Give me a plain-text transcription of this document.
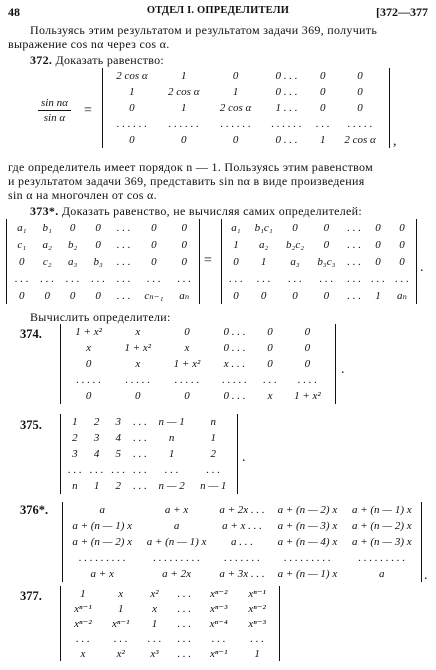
48	ОТДЕЛ I. ОПРЕДЕЛИТЕЛИ	[372—377
Пользуясь этим результатом и результатом задачи 369, получить
выражение cos nα через cos α.
372. Доказать равенство:
$\frac{\text{sin nα}}{\text{sin α}}$ =
2 cos α	1	0	0 . . .	0	0
1	2 cos α	1	0 . . .	0	0
0	1	2 cos α	1 . . .	0	0
. . . . . .	. . . . . .	. . . . . .	. . . . . .	. . .	. . . . .
0	0	0	0 . . .	1	2 cos α ,
где определитель имеет порядок n — 1. Пользуясь этим равенством
и результатом задачи 369, представить sin nα в виде произведения
sin α на многочлен от cos α.
373*. Доказать равенство, не вычисляя самих определителей:
a₁	b₁	0	0	. . .	0	0
c₁	a₂	b₂	0	. . .	0	0
0	c₂	a₃	b₃	. . .	0	0
. . .	. . .	. . .	. . .	. . .	. . .	. . .
0	0	0	0	. . .	cₙ₋₁	aₙ
=
a₁	b₁c₁	0	0	. . .	0	0
1	a₂	b₂c₂	0	. . .	0	0
0	1	a₃	b₃c₃	. . .	0	0
. . .	. . .	. . .	. . .	. . .	. . .	. . .
0	0	0	0	. . .	1	aₙ
.
Вычислить определители:
374.	1 + x²	x	0	0 . . .	0	0
x	1 + x²	x	0 . . .	0	0
0	x	1 + x²	x . . .	0	0
. . . . .	. . . . .	. . . . .	. . . . .	. . .	. . . .
0	0	0	0 . . .	x	1 + x²
.
375.	1	2	3	. . .	n — 1	n
2	3	4	. . .	n	1
3	4	5	. . .	1	2
. . .	. . .	. . .	. . .	. . .	. . .
n	1	2	. . .	n — 2	n — 1
.
376*.	a	a + x	a + 2x . . .	a + (n — 2) x	a + (n — 1) x
a + (n — 1) x	a	a + x . . .	a + (n — 3) x	a + (n — 2) x
a + (n — 2) x	a + (n — 1) x	a . . .	a + (n — 4) x	a + (n — 3) x
. . . . . . . . .	. . . . . . . . .	. . . . . . .	. . . . . . . . .	. . . . . . . . .
a + x	a + 2x	a + 3x . . .	a + (n — 1) x	a	.
377.	1	x	x²	. . .	xⁿ⁻²	xⁿ⁻¹
xⁿ⁻¹	1	x	. . .	xⁿ⁻³	xⁿ⁻²
xⁿ⁻²	xⁿ⁻¹	1	. . .	xⁿ⁻⁴	xⁿ⁻³
. . .	. . .	. . .	. . .	. . .	. . .
x	x²	x³	. . .	xⁿ⁻¹	1
